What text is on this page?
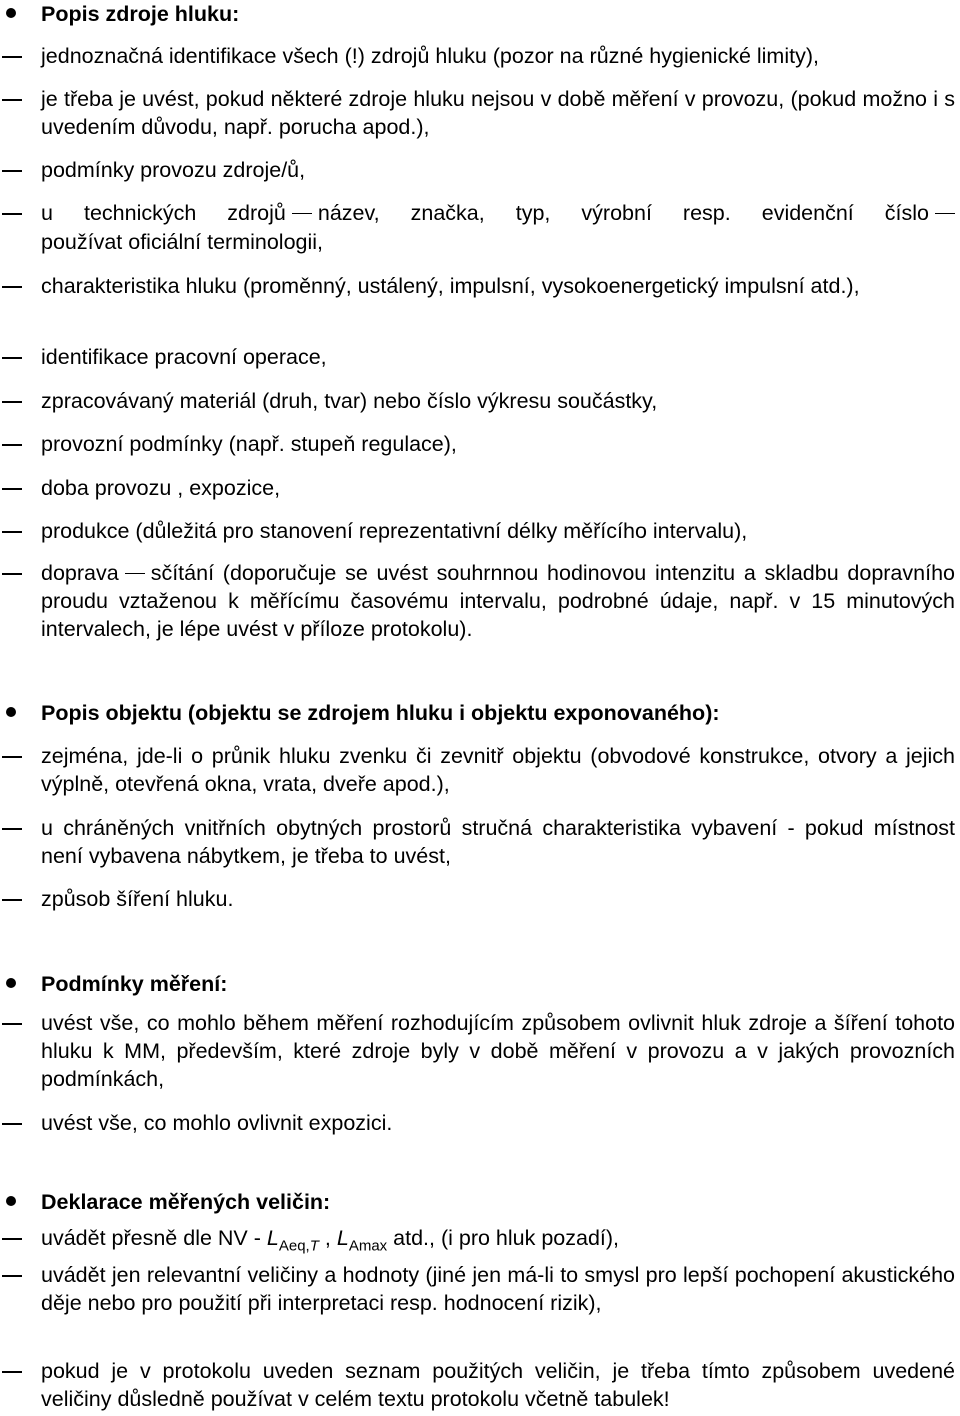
Popis zdroje hluku:
jednoznačná identifikace všech (!) zdrojů hluku (pozor na různé hygienické limity),
je třeba je uvést, pokud některé zdroje hluku nejsou v době měření v provozu, (pokud možno i s uvedením důvodu, např. porucha apod.),
podmínky provozu zdroje/ů,
u technických zdrojů název, značka, typ, výrobní resp. evidenční číslo
používat oficiální terminologii,
charakteristika hluku (proměnný, ustálený, impulsní, vysokoenergetický impulsní atd.),
identifikace pracovní operace,
zpracovávaný materiál (druh, tvar) nebo číslo výkresu součástky,
provozní podmínky (např. stupeň regulace),
doba provozu , expozice,
produkce (důležitá pro stanovení reprezentativní délky měřícího intervalu),
doprava sčítání (doporučuje se uvést souhrnnou hodinovou intenzitu a skladbu dopravního proudu vztaženou k měřícímu časovému intervalu, podrobné údaje, např. v 15 minutových intervalech, je lépe uvést v příloze protokolu).
Popis objektu (objektu se zdrojem hluku i objektu exponovaného):
zejména, jde-li o průnik hluku zvenku či zevnitř objektu (obvodové konstrukce, otvory a jejich výplně, otevřená okna, vrata, dveře apod.),
u chráněných vnitřních obytných prostorů stručná charakteristika vybavení - pokud místnost není vybavena nábytkem, je třeba to uvést,
způsob šíření hluku.
Podmínky měření:
uvést vše, co mohlo během měření rozhodujícím způsobem ovlivnit hluk zdroje a šíření tohoto hluku k MM, především, které zdroje byly v době měření v provozu a v jakých provozních podmínkách,
uvést vše, co mohlo ovlivnit expozici.
Deklarace měřených veličin:
uvádět přesně dle NV - $L_{Aeq,T}$ , $L_{Amax}$ atd., (i pro hluk pozadí),
uvádět jen relevantní veličiny a hodnoty (jiné jen má-li to smysl pro lepší pochopení akustického děje nebo pro použití při interpretaci resp. hodnocení rizik),
pokud je v protokolu uveden seznam použitých veličin, je třeba tímto způsobem uvedené veličiny důsledně používat v celém textu protokolu včetně tabulek!
